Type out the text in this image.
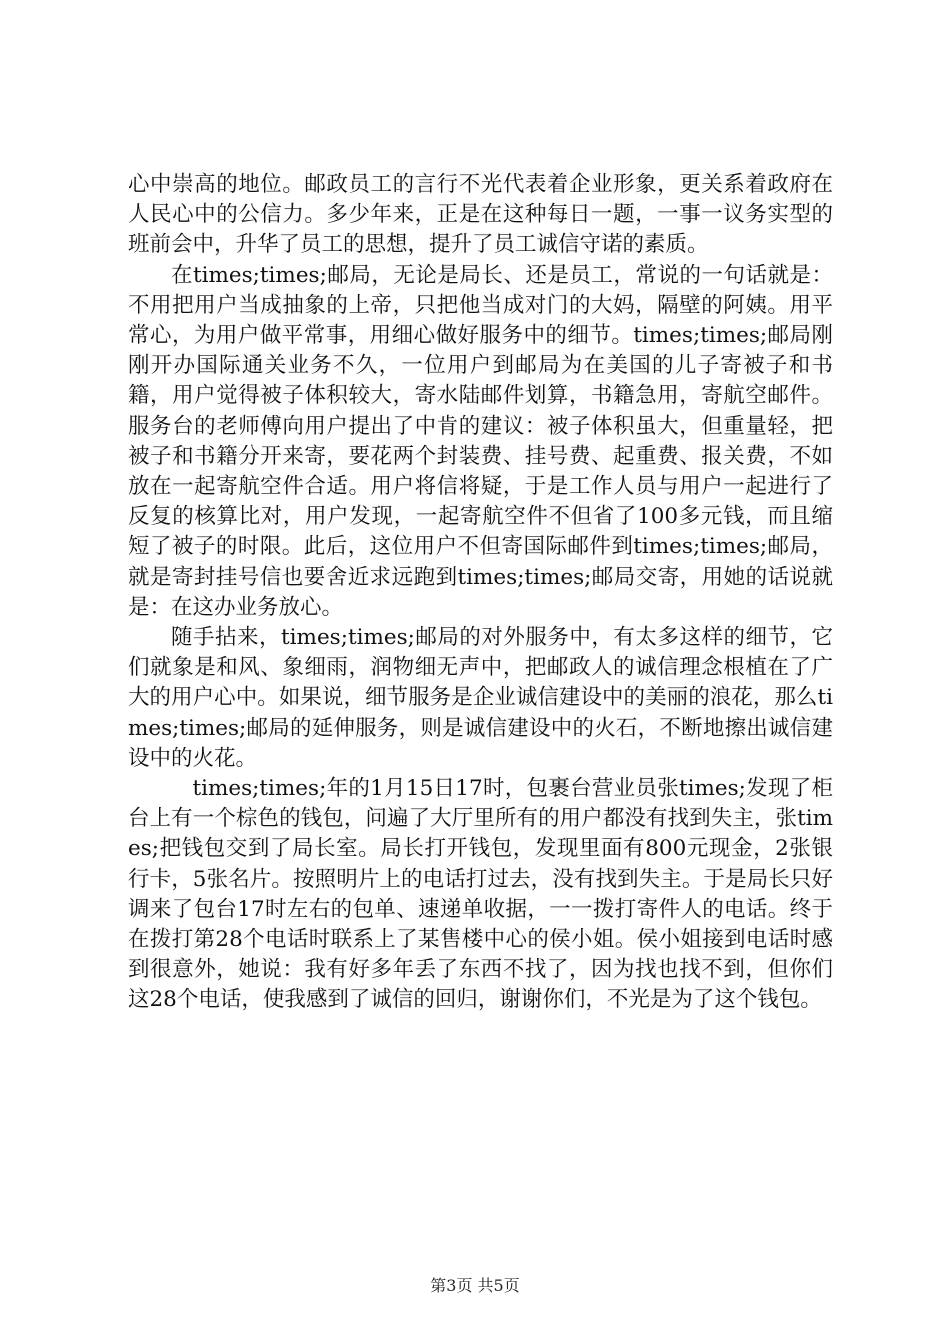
心中崇高的地位。邮政员工的言行不光代表着企业形象，更关系着政府在人民心中的公信力。多少年来，正是在这种每日一题，一事一议务实型的班前会中，升华了员工的思想，提升了员工诚信守诺的素质。

在times;times;邮局，无论是局长、还是员工，常说的一句话就是：不用把用户当成抽象的上帝，只把他当成对门的大妈，隔壁的阿姨。用平常心，为用户做平常事，用细心做好服务中的细节。times;times;邮局刚刚开办国际通关业务不久，一位用户到邮局为在美国的儿子寄被子和书籍，用户觉得被子体积较大，寄水陆邮件划算，书籍急用，寄航空邮件。服务台的老师傅向用户提出了中肯的建议：被子体积虽大，但重量轻，把被子和书籍分开来寄，要花两个封装费、挂号费、起重费、报关费，不如放在一起寄航空件合适。用户将信将疑，于是工作人员与用户一起进行了反复的核算比对，用户发现，一起寄航空件不但省了100多元钱，而且缩短了被子的时限。此后，这位用户不但寄国际邮件到times;times;邮局，就是寄封挂号信也要舍近求远跑到times;times;邮局交寄，用她的话说就是：在这办业务放心。

随手拈来，times;times;邮局的对外服务中，有太多这样的细节，它们就象是和风、象细雨，润物细无声中，把邮政人的诚信理念根植在了广大的用户心中。如果说，细节服务是企业诚信建设中的美丽的浪花，那么times;times;邮局的延伸服务，则是诚信建设中的火石，不断地擦出诚信建设中的火花。

times;times;年的1月15日17时，包裹台营业员张times;发现了柜台上有一个棕色的钱包，问遍了大厅里所有的用户都没有找到失主，张times;把钱包交到了局长室。局长打开钱包，发现里面有800元现金，2张银行卡，5张名片。按照明片上的电话打过去，没有找到失主。于是局长只好调来了包台17时左右的包单、速递单收据，一一拨打寄件人的电话。终于在拨打第28个电话时联系上了某售楼中心的侯小姐。侯小姐接到电话时感到很意外，她说：我有好多年丢了东西不找了，因为找也找不到，但你们这28个电话，使我感到了诚信的回归，谢谢你们，不光是为了这个钱包。

第3页 共5页
